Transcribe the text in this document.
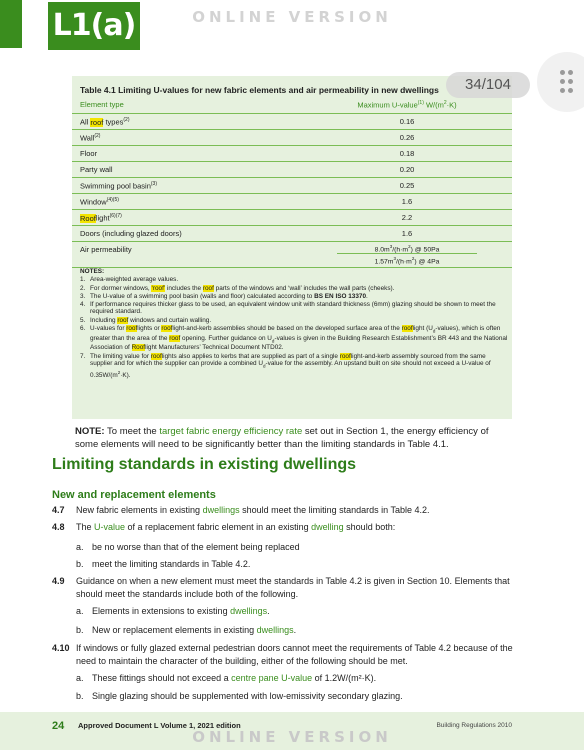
L1(a)	ONLINE VERSION
Table 4.1 Limiting U-values for new fabric elements and air permeability in new dwellings
Element type	Maximum U-value$^{(1)}$ $W/(m^2\cdot K)$
All roof types$^{(2)}$	0.16
Wall$^{(2)}$	0.26
Floor	0.18
Party wall	0.20
Swimming pool basin$^{(3)}$	0.25
Window$^{(4)(5)}$	1.6
Rooflight$^{(6)(7)}$	2.2
Doors (including glazed doors)	1.6
Air permeability	$8.0m^3/(h\cdot m^2)$ @ 50Pa
$1.57m^3/(h\cdot m^2)$ @ 4Pa
NOTES:
1. Area-weighted average values.
2. For dormer windows, ‘roof’ includes the roof parts of the windows and ‘wall’ includes the wall parts (cheeks).
3. The U-value of a swimming pool basin (walls and floor) calculated according to BS EN ISO 13370.
4. If performance requires thicker glass to be used, an equivalent window unit with standard thickness (6mm) glazing should be shown to meet the required standard.
5. Including roof windows and curtain walling.
6. U-values for rooflights or rooflight-and-kerb assemblies should be based on the developed surface area of the rooflight $(U_d-values)$, which is often greater than the area of the roof opening. Further guidance on $U_d$-values is given in the Building Research Establishment’s BR 443 and the National Association of Rooflight Manufacturers’ Technical Document NTD02.
7. The limiting value for rooflights also applies to kerbs that are supplied as part of a single rooflight-and-kerb assembly sourced from the same supplier and for which the supplier can provide a combined $U_d$-value for the assembly. An upstand built on site should not exceed a U-value of $0.35W/(m^2\cdot K)$.
34/104
NOTE: To meet the target fabric energy efficiency rate set out in Section 1, the energy efficiency of some elements will need to be significantly better than the limiting standards in Table 4.1.
Limiting standards in existing dwellings
New and replacement elements
4.7 New fabric elements in existing dwellings should meet the limiting standards in Table 4.2.
4.8 The U-value of a replacement fabric element in an existing dwelling should both:
a. be no worse than that of the element being replaced
b. meet the limiting standards in Table 4.2.
4.9 Guidance on when a new element must meet the standards in Table 4.2 is given in Section 10. Elements that should meet the standards include both of the following.
a. Elements in extensions to existing dwellings.
b. New or replacement elements in existing dwellings.
4.10 If windows or fully glazed external pedestrian doors cannot meet the requirements of Table 4.2 because of the need to maintain the character of the building, either of the following should be met.
a. These fittings should not exceed a centre pane U-value of 1.2W/(m²·K).
b. Single glazing should be supplemented with low-emissivity secondary glazing.
24 Approved Document L Volume 1, 2021 edition	Building Regulations 2010
ONLINE VERSION
